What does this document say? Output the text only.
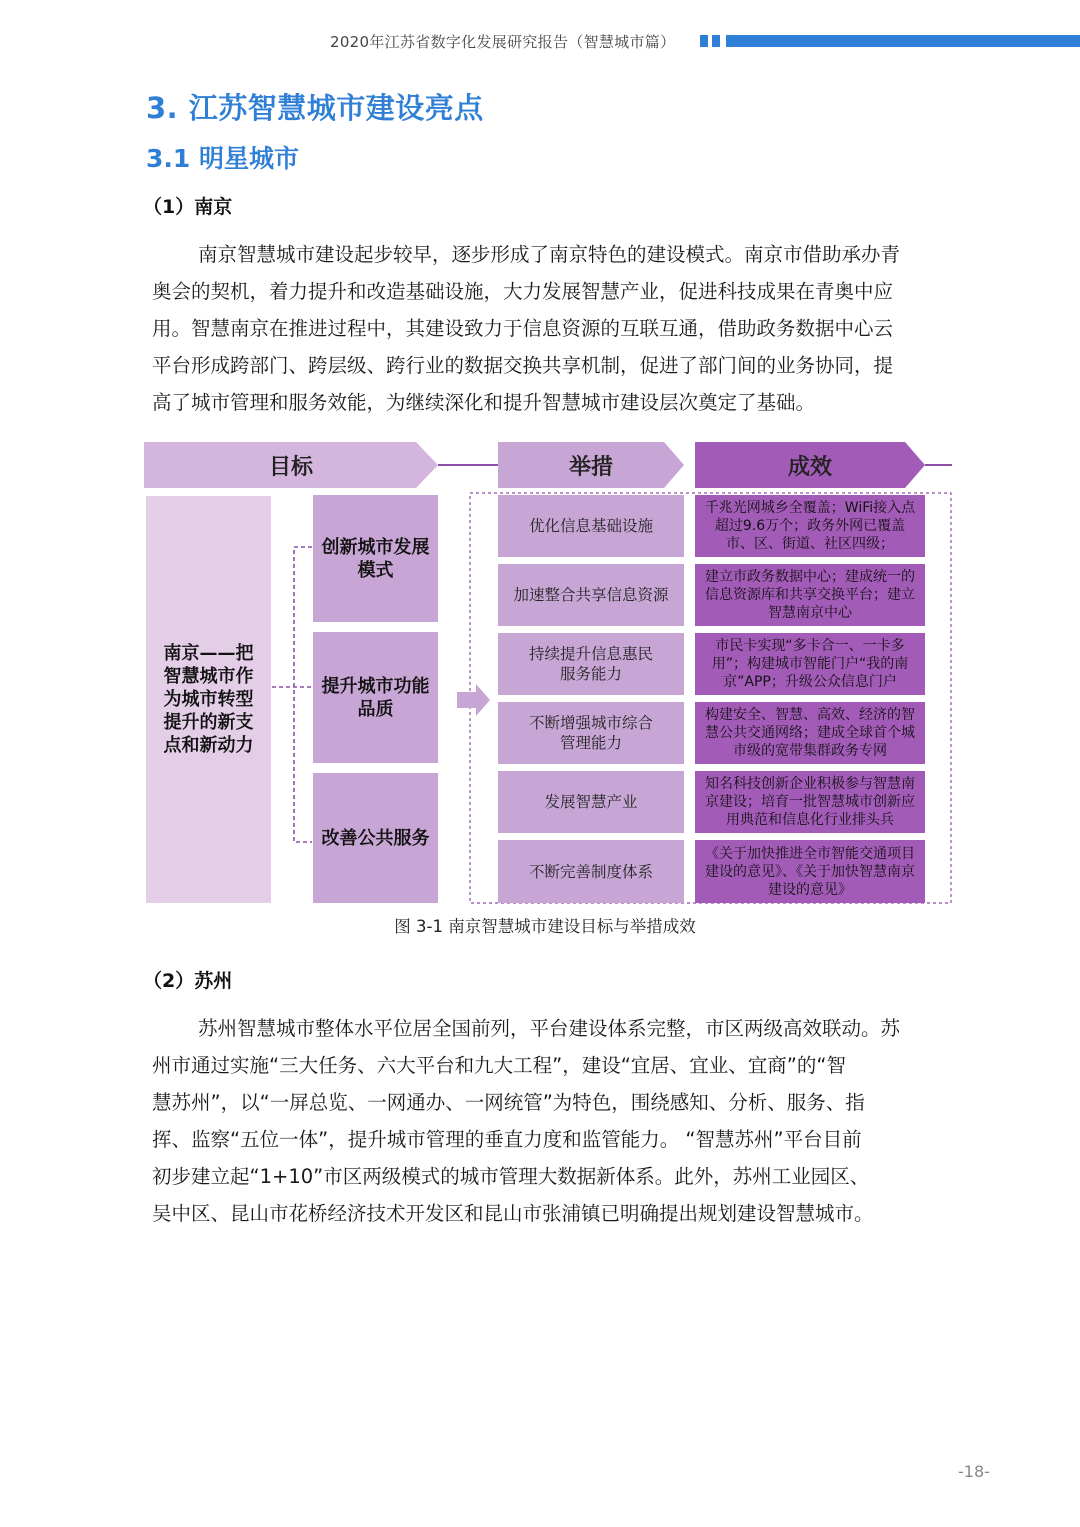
2020年江苏省数字化发展研究报告（智慧城市篇）
3. 江苏智慧城市建设亮点
3.1 明星城市
（1）南京
南京智慧城市建设起步较早，逐步形成了南京特色的建设模式。南京市借助承办青
奥会的契机，着力提升和改造基础设施，大力发展智慧产业，促进科技成果在青奥中应
用。智慧南京在推进过程中，其建设致力于信息资源的互联互通，借助政务数据中心云
平台形成跨部门、跨层级、跨行业的数据交换共享机制，促进了部门间的业务协同，提
高了城市管理和服务效能，为继续深化和提升智慧城市建设层次奠定了基础。
目标	举措	成效
南京——把智慧城市作为城市转型提升的新支点和新动力
创新城市发展模式
提升城市功能品质
改善公共服务
优化信息基础设施
加速整合共享信息资源
持续提升信息惠民服务能力
不断增强城市综合管理能力
发展智慧产业
不断完善制度体系
千兆光网城乡全覆盖；WiFi接入点超过9.6万个；政务外网已覆盖市、区、街道、社区四级；
建立市政务数据中心；建成统一的信息资源库和共享交换平台；建立智慧南京中心
市民卡实现“多卡合一、一卡多用”；构建城市智能门户“我的南京”APP；升级公众信息门户
构建安全、智慧、高效、经济的智慧公共交通网络；建成全球首个城市级的宽带集群政务专网
知名科技创新企业积极参与智慧南京建设；培育一批智慧城市创新应用典范和信息化行业排头兵
《关于加快推进全市智能交通项目建设的意见》、《关于加快智慧南京建设的意见》
图 3-1 南京智慧城市建设目标与举措成效
（2）苏州
苏州智慧城市整体水平位居全国前列，平台建设体系完整，市区两级高效联动。苏
州市通过实施“三大任务、六大平台和九大工程”，建设“宜居、宜业、宜商”的“智
慧苏州”，以“一屏总览、一网通办、一网统管”为特色，围绕感知、分析、服务、指
挥、监察“五位一体”，提升城市管理的垂直力度和监管能力。 “智慧苏州”平台目前
初步建立起“1+10”市区两级模式的城市管理大数据新体系。此外，苏州工业园区、
吴中区、昆山市花桥经济技术开发区和昆山市张浦镇已明确提出规划建设智慧城市。
-18-
